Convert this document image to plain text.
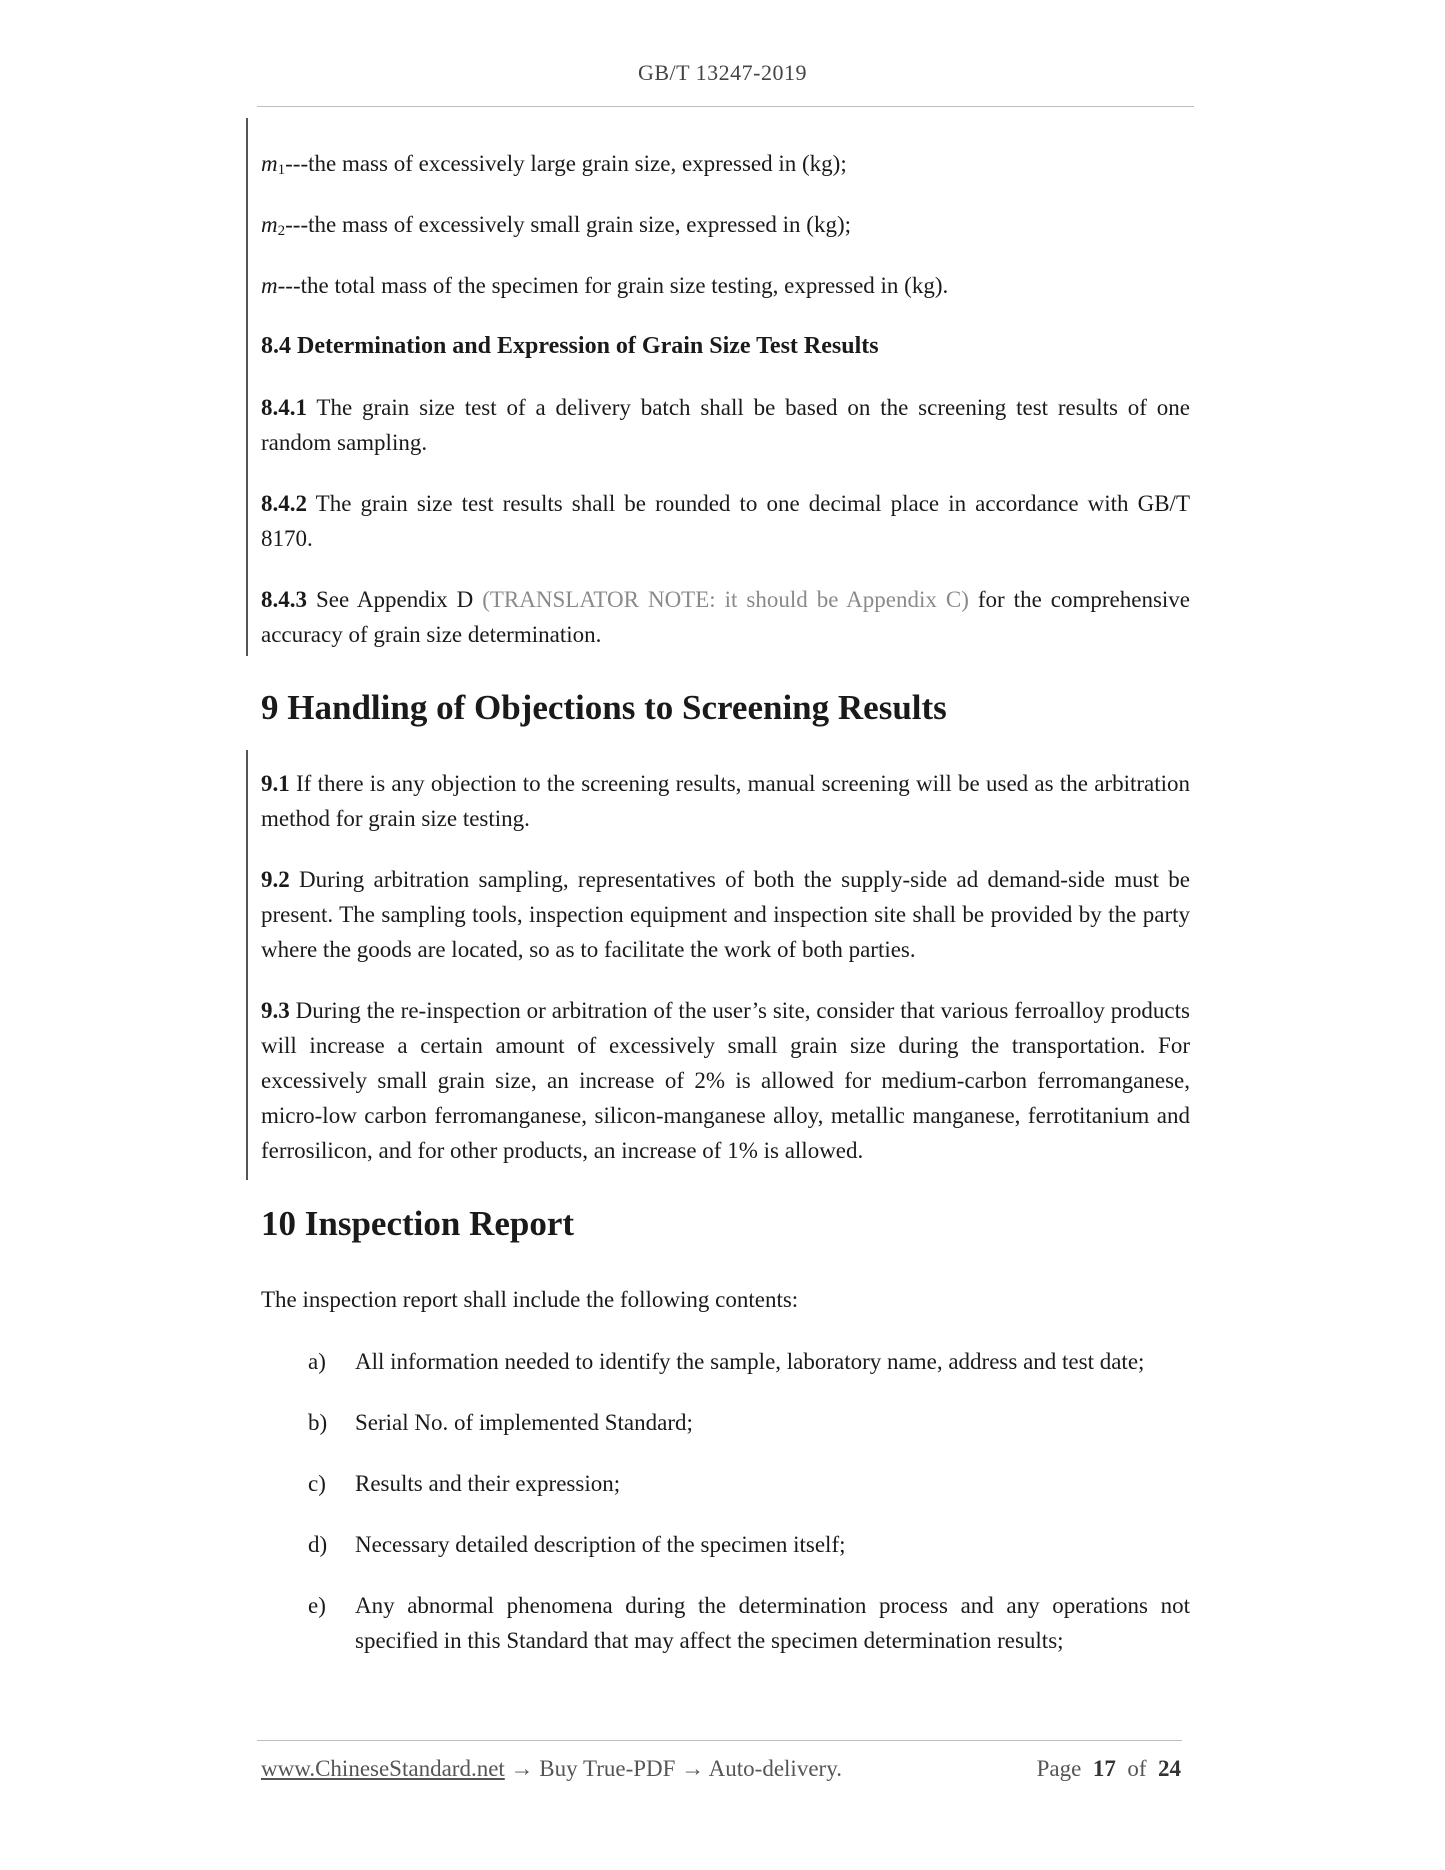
GB/T 13247-2019

$m_1--$-the mass of excessively large grain size, expressed in (kg);

$m_2--$-the mass of excessively small grain size, expressed in (kg);

m---the total mass of the specimen for grain size testing, expressed in (kg).

8.4 Determination and Expression of Grain Size Test Results

8.4.1 The grain size test of a delivery batch shall be based on the screening test results of one random sampling.

8.4.2 The grain size test results shall be rounded to one decimal place in accordance with GB/T 8170.

8.4.3 See Appendix D (TRANSLATOR NOTE: it should be Appendix C) for the comprehensive accuracy of grain size determination.

9 Handling of Objections to Screening Results

9.1 If there is any objection to the screening results, manual screening will be used as the arbitration method for grain size testing.

9.2 During arbitration sampling, representatives of both the supply-side ad demand-side must be present. The sampling tools, inspection equipment and inspection site shall be provided by the party where the goods are located, so as to facilitate the work of both parties.

9.3 During the re-inspection or arbitration of the user’s site, consider that various ferroalloy products will increase a certain amount of excessively small grain size during the transportation. For excessively small grain size, an increase of 2% is allowed for medium-carbon ferromanganese, micro-low carbon ferromanganese, silicon-manganese alloy, metallic manganese, ferrotitanium and ferrosilicon, and for other products, an increase of 1% is allowed.

10 Inspection Report

The inspection report shall include the following contents:

a) All information needed to identify the sample, laboratory name, address and test date;
b) Serial No. of implemented Standard;
c) Results and their expression;
d) Necessary detailed description of the specimen itself;
e) Any abnormal phenomena during the determination process and any operations not specified in this Standard that may affect the specimen determination results;
www.ChineseStandard.net → Buy True-PDF → Auto-delivery.	Page 17 of 24
